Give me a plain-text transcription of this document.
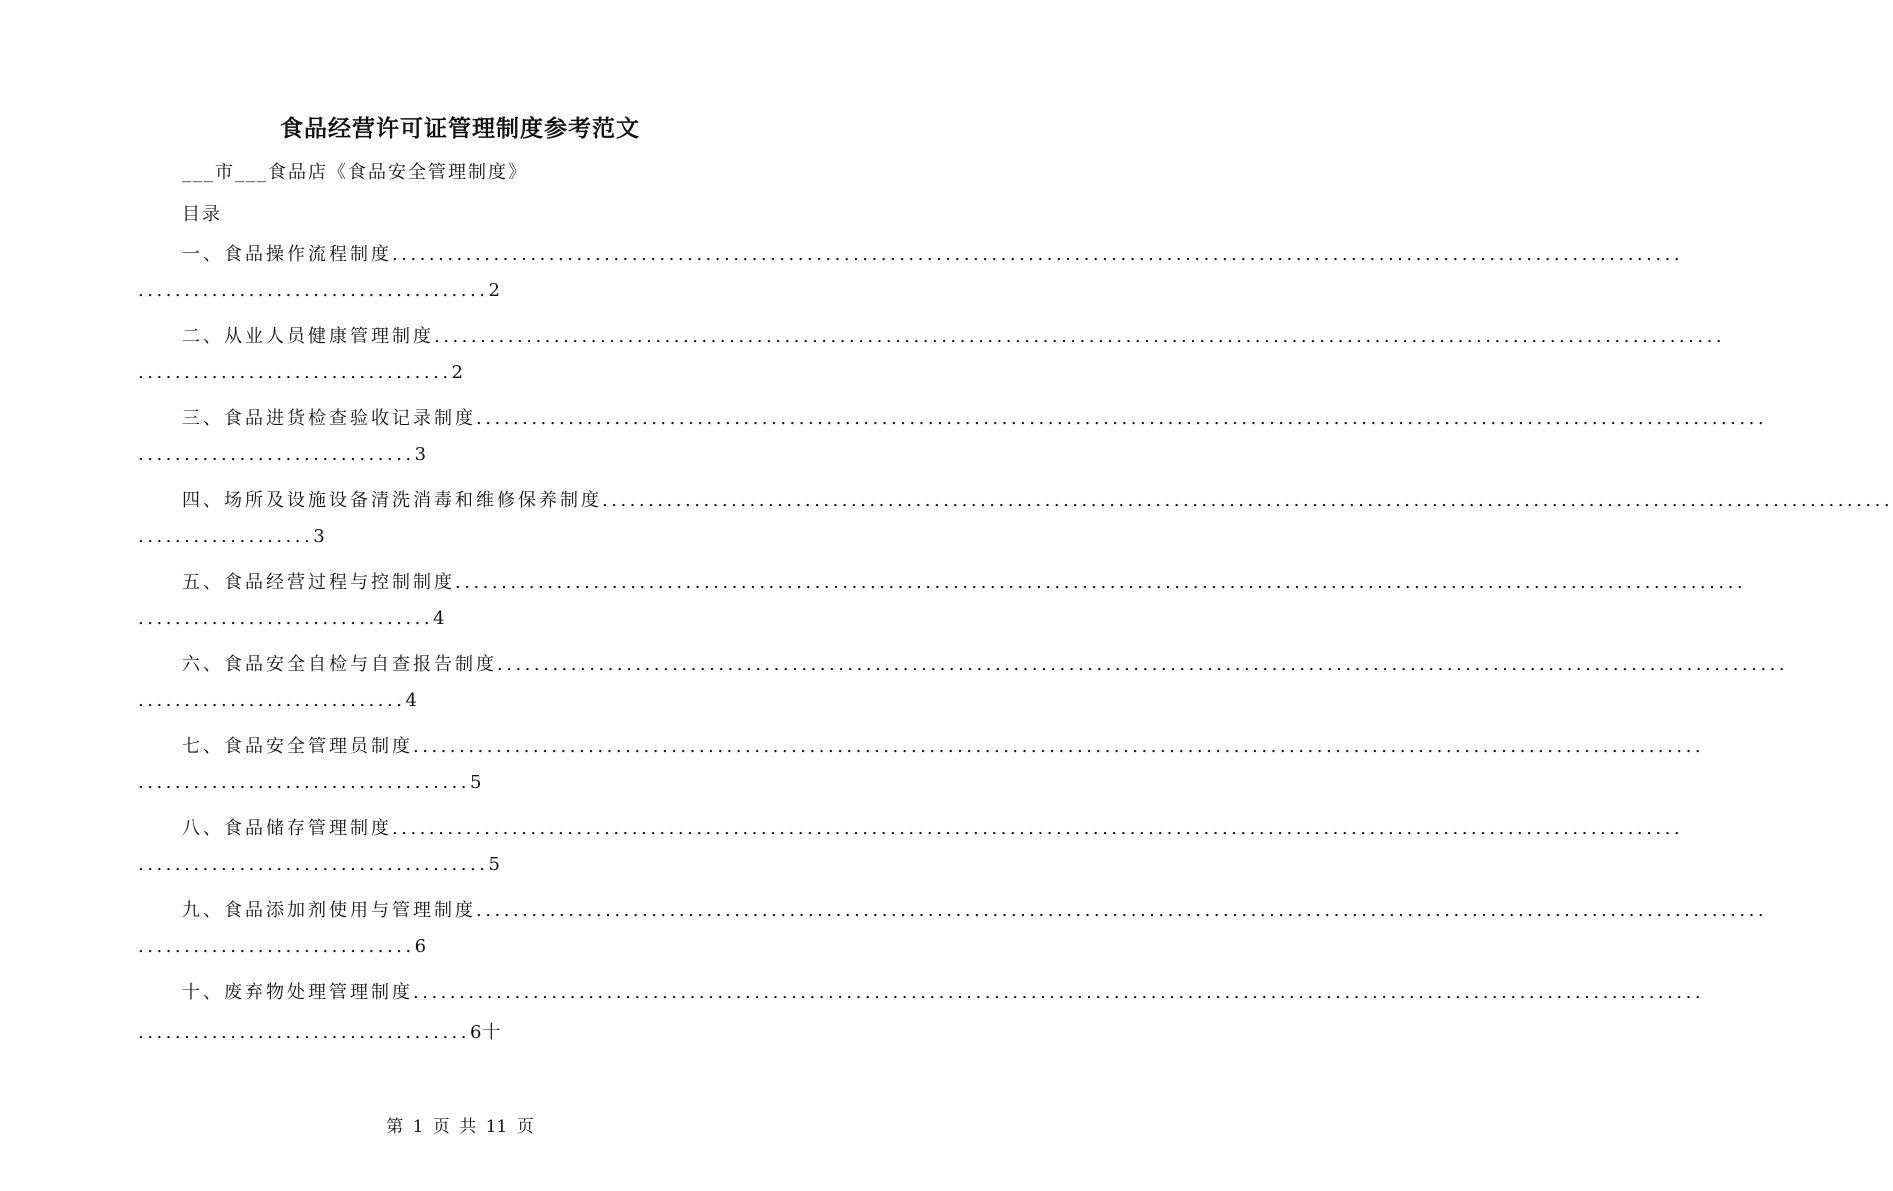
食品经营许可证管理制度参考范文
___市___食品店《食品安全管理制度》
目录
一、食品操作流程制度............................................................................................................................................
......................................2
二、从业人员健康管理制度............................................................................................................................................
..................................2
三、食品进货检查验收记录制度............................................................................................................................................
..............................3
四、场所及设施设备清洗消毒和维修保养制度............................................................................................................................................
...................3
五、食品经营过程与控制制度............................................................................................................................................
................................4
六、食品安全自检与自查报告制度............................................................................................................................................
.............................4
七、食品安全管理员制度............................................................................................................................................
....................................5
八、食品储存管理制度............................................................................................................................................
......................................5
九、食品添加剂使用与管理制度............................................................................................................................................
..............................6
十、废弃物处理管理制度............................................................................................................................................
....................................6十
第 1 页 共 11 页
